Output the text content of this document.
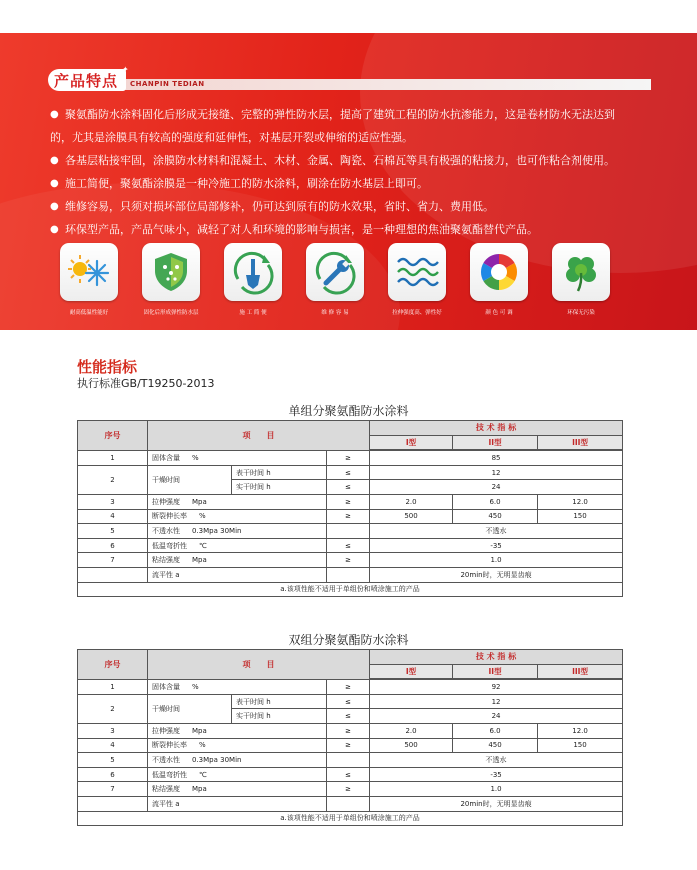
产品特点
✦
CHANPIN TEDIAN
● 聚氨酯防水涂料固化后形成无接缝、完整的弹性防水层，提高了建筑工程的防水抗渗能力，这是卷材防水无法达到
的，尤其是涂膜具有较高的强度和延伸性，对基层开裂或伸缩的适应性强。
● 各基层粘接牢固，涂膜防水材料和混凝土、木材、金属、陶瓷、石棉瓦等具有极强的粘接力，也可作粘合剂使用。
● 施工简便，聚氨酯涂膜是一种冷施工的防水涂料，刷涂在防水基层上即可。
● 维修容易，只须对损坏部位局部修补，仍可达到原有的防水效果，省时、省力、费用低。
● 环保型产品，产品气味小，减轻了对人和环境的影响与损害，是一种理想的焦油聚氨酯替代产品。
耐高低温性能好	固化后形成弹性防水层	施 工 简 便	维 修 容 易	拉伸强度高、弹性好	颜 色 可 调	环保无污染
性能指标
执行标准GB/T19250-2013
单组分聚氨酯防水涂料
序号	项　　目			技 术 指 标		
				I型	II型	III型

1	固体含量 %		≥	85		
2	干燥时间	表干时间 h	≤	12		
		实干时间 h	≤	24		
3	拉伸强度 Mpa		≥	2.0	6.0	12.0
4	断裂伸长率 %		≥	500	450	150
5	不透水性 0.3Mpa 30Min			不透水		
6	低温弯折性 ℃		≤	-35		
7	粘结强度 Mpa		≥	1.0		
	流平性 a			20min时，无明显齿痕		
a.该项性能不适用于单组份和喷涂施工的产品						
双组分聚氨酯防水涂料
序号	项　　目			技 术 指 标		
				I型	II型	III型

1	固体含量 %		≥	92		
2	干燥时间	表干时间 h	≤	12		
		实干时间 h	≤	24		
3	拉伸强度 Mpa		≥	2.0	6.0	12.0
4	断裂伸长率 %		≥	500	450	150
5	不透水性 0.3Mpa 30Min			不透水		
6	低温弯折性 ℃		≤	-35		
7	粘结强度 Mpa		≥	1.0		
	流平性 a			20min时，无明显齿痕		
a.该项性能不适用于单组份和喷涂施工的产品						
